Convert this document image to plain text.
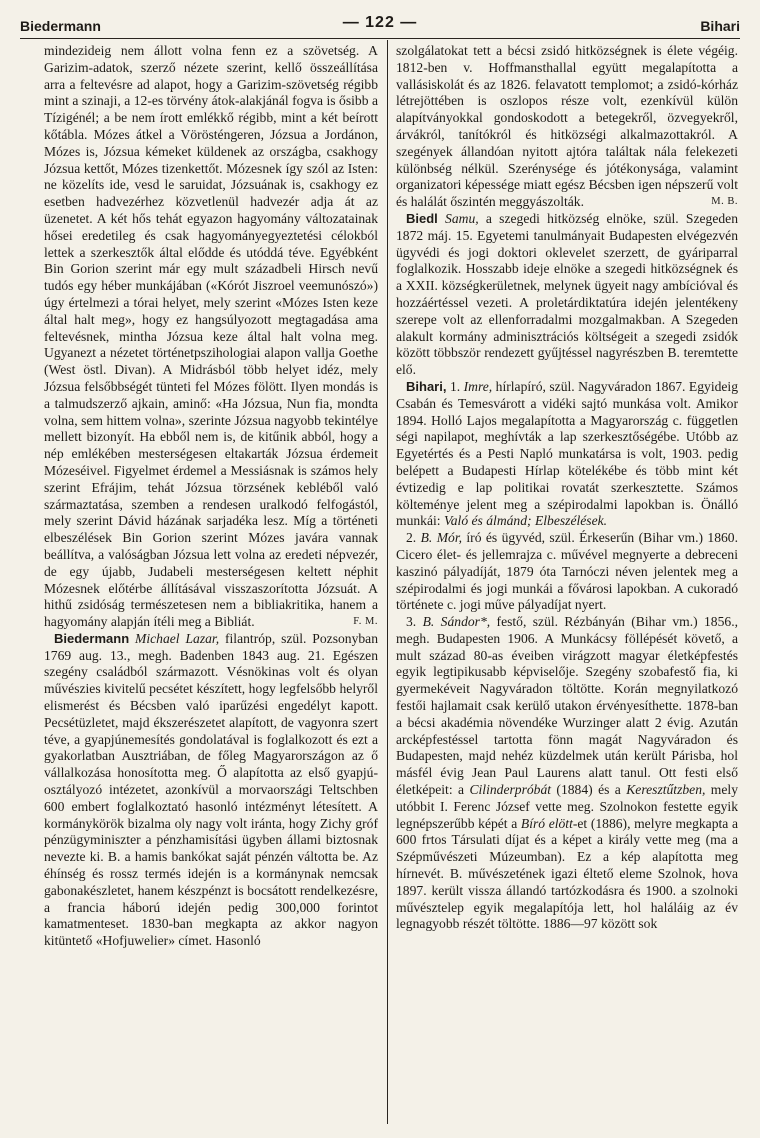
Biedermann	— 122 —	Bihari

mindezideig nem állott volna fenn ez a szövetség. A Garizim-adatok, szerző nézete szerint, kellő összeállítása arra a feltevésre ad alapot, hogy a Garizim-szövetség régibb mint a szinaji, a 12-es törvény átok-alakjánál fogva is ősibb a Tízigénél; a be nem írott emlékkő régibb, mint a két beírott kőtábla. Mózes átkel a Vörösténgeren, Józsua a Jordánon, Mózes is, Józsua kémeket küldenek az országba, csakhogy Józsua kettőt, Mózes tizenkettőt. Mózesnek így szól az Isten: ne közelíts ide, vesd le saruidat, Józsuának is, csakhogy ez esetben hadvezérhez közvetlenül hadvezér adja át az üzenetet. A két hős tehát egyazon hagyomány változatainak hősei eredetileg és csak hagyományegyeztetési célokból lettek a szerkesztők által elődde és utóddá téve. Egyébként Bin Gorion szerint már egy mult századbeli Hirsch nevű tudós egy héber munkájában («Kórót Jiszroel veemunószó») úgy értelmezi a tórai helyet, mely szerint «Mózes Isten keze által halt meg», hogy ez hangsúlyozott megtagadása ama feltevésnek, mintha Józsua keze által halt volna meg. Ugyanezt a nézetet történetpszihologiai alapon vallja Goethe (West östl. Divan). A Midrásból több helyet idéz, mely Józsua felsőbbségét tünteti fel Mózes fölött. Ilyen mondás is a talmudszerző ajkain, aminő: «Ha Józsua, Nun fia, mondta volna, sem hittem volna», szerinte Józsua nagyobb tekintélye mellett bizonyít. Ha ebből nem is, de kitűnik abból, hogy a nép emlékében mesterségesen eltakarták Józsua érdemeit Mózeséivel. Figyelmet érdemel a Messiásnak is számos hely szerint Efrájim, tehát Józsua törzsének kebléből való származtatása, szemben a rendesen uralkodó felfogástól, mely szerint Dávid házának sarjadéka lesz. Míg a történeti elbeszélések Bin Gorion szerint Mózes javára vannak beállítva, a valóságban Józsua lett volna az eredeti népvezér, de egy újabb, Judabeli mesterségesen keltett néphit Mózesnek előtérbe állításával visszaszorította Józsuát. A hithű zsidóság természetesen nem a bibliakritika, hanem a hagyomány alapján ítéli meg a Bibliát.	F. M.

Biedermann Michael Lazar, filantróp, szül. Pozsonyban 1769 aug. 13., megh. Badenben 1843 aug. 21. Egészen szegény családból származott. Vésnökinas volt és olyan művészies kivitelű pecsétet készített, hogy legfelsőbb helyről elismerést és Bécsben való iparűzési engedélyt kapott. Pecsétüzletet, majd ékszerészetet alapított, de vagyonra szert téve, a gyapjúnemesítés gondolatával is foglalkozott és ezt a gyakorlatban Ausztriában, de főleg Magyarországon az ő vállalkozása honosította meg. Ő alapította az első gyapjú-osztályozó intézetet, azonkívül a morvaországi Teltschben 600 embert foglalkoztató hasonló intézményt létesített. A kormánykörök bizalma oly nagy volt iránta, hogy Zichy gróf pénzügyminiszter a pénzhamisítási ügyben állami biztosnak nevezte ki. B. a hamis bankókat saját pénzén váltotta be. Az éhínség és rossz termés idején is a kormánynak nemcsak gabonakészletet, hanem készpénzt is bocsátott rendelkezésre, a francia háború idején pedig 300,000 forintot kamatmenteset. 1830-ban megkapta az akkor nagyon kitüntető «Hofjuwelier» címet. Hasonló

szolgálatokat tett a bécsi zsidó hitközségnek is élete végéig. 1812-ben v. Hoffmansthallal együtt megalapította a vallásiskolát és az 1826. felavatott templomot; a zsidó-kórház létrejöttében is oszlopos része volt, ezenkívül külön alapítványokkal gondoskodott a betegekről, özvegyekről, árvákról, tanítókról és hitközségi alkalmazottakról. A szegények állandóan nyitott ajtóra találtak nála felekezeti különbség nélkül. Szerénysége és jótékonysága, valamint organizatori képessége miatt egész Bécsben igen népszerű volt és halálát őszintén meggyászolták.	M. B.

Biedl Samu, a szegedi hitközség elnöke, szül. Szegeden 1872 máj. 15. Egyetemi tanulmányait Budapesten elvégezvén ügyvédi és jogi doktori oklevelet szerzett, de gyáriparral foglalkozik. Hosszabb ideje elnöke a szegedi hitközségnek és a XXII. községkerületnek, melynek ügyeit nagy ambícióval és hozzáértéssel vezeti. A proletárdiktatúra idején jelentékeny szerepe volt az ellenforradalmi mozgalmakban. A Szegeden alakult kormány adminisztrációs költségeit a szegedi zsidók között többször rendezett gyűjtéssel nagyrészben B. teremtette elő.

Bihari, 1. Imre, hírlapíró, szül. Nagyváradon 1867. Egyideig Csabán és Temesvárott a vidéki sajtó munkása volt. Amikor 1894. Holló Lajos megalapította a Magyarország c. független ségi napilapot, meghívták a lap szerkesztőségébe. Utóbb az Egyetértés és a Pesti Napló munkatársa is volt, 1903. pedig belépett a Budapesti Hírlap kötelékébe és több mint két évtizedig e lap politikai rovatát szerkesztette. Számos költeménye jelent meg a szépirodalmi lapokban is. Önálló munkái: Való és álmánd; Elbeszélések.

2. B. Mór, író és ügyvéd, szül. Érkeserűn (Bihar vm.) 1860. Cicero élet- és jellemrajza c. művével megnyerte a debreceni kaszinó pályadíját, 1879 óta Tarnóczi néven jelentek meg a szépirodalmi és jogi munkái a fővárosi lapokban. A cukoradó története c. jogi műve pályadíjat nyert.

3. B. Sándor*, festő, szül. Rézbányán (Bihar vm.) 1856., megh. Budapesten 1906. A Munkácsy föllépését követő, a mult század 80-as éveiben virágzott magyar életképfestés egyik legtipikusabb képviselője. Szegény szobafestő fia, ki gyermekéveit Nagyváradon töltötte. Korán megnyilatkozó festői hajlamait csak kerülő utakon érvényesíthette. 1878-ban a bécsi akadémia növendéke Wurzinger alatt 2 évig. Azután arcképfestéssel tartotta fönn magát Nagyváradon és Budapesten, majd nehéz küzdelmek után került Párisba, hol másfél évig Jean Paul Laurens alatt tanul. Ott festi első életképeit: a Cilinderpróbát (1884) és a Keresztűtzben, mely utóbbit I. Ferenc József vette meg. Szolnokon festette egyik legnépszerűbb képét a Bíró elött-et (1886), melyre megkapta a 600 frtos Társulati díjat és a képet a király vette meg (ma a Szépművészeti Múzeumban). Ez a kép alapította meg hírnevét. B. művészetének igazi éltető eleme Szolnok, hova 1897. került vissza állandó tartózkodásra és 1900. a szolnoki művésztelep egyik megalapítója lett, hol haláláig az év legnagyobb részét töltötte. 1886—97 között sok
